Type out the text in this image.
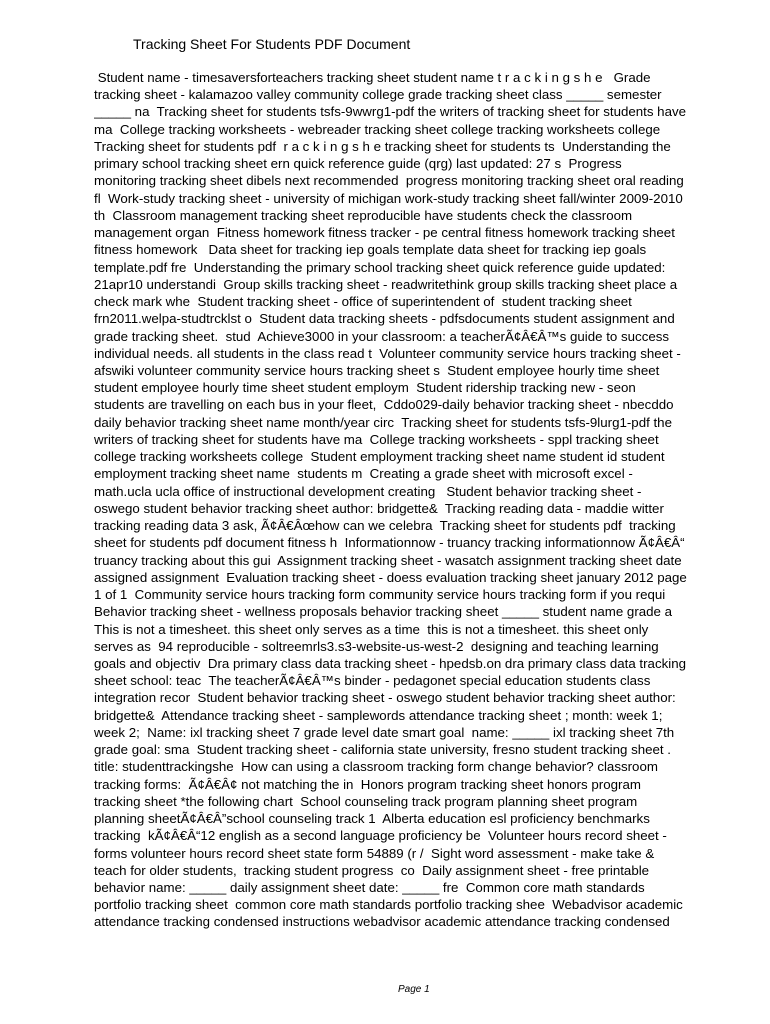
Tracking Sheet For Students PDF Document
Student name - timesaversforteachers tracking sheet student name t r a c k i n g s h e   Grade
tracking sheet - kalamazoo valley community college grade tracking sheet class _____ semester
_____ na  Tracking sheet for students tsfs-9wwrg1-pdf the writers of tracking sheet for students have
ma  College tracking worksheets - webreader tracking sheet college tracking worksheets college
Tracking sheet for students pdf  r a c k i n g s h e tracking sheet for students ts  Understanding the
primary school tracking sheet ern quick reference guide (qrg) last updated: 27 s  Progress
monitoring tracking sheet dibels next recommended  progress monitoring tracking sheet oral reading
fl  Work-study tracking sheet - university of michigan work-study tracking sheet fall/winter 2009-2010
th  Classroom management tracking sheet reproducible have students check the classroom
management organ  Fitness homework fitness tracker - pe central fitness homework tracking sheet
fitness homework   Data sheet for tracking iep goals template data sheet for tracking iep goals
template.pdf fre  Understanding the primary school tracking sheet quick reference guide updated:
21apr10 understandi  Group skills tracking sheet - readwritethink group skills tracking sheet place a
check mark whe  Student tracking sheet - office of superintendent of  student tracking sheet
frn2011.welpa-studtrcklst o  Student data tracking sheets - pdfsdocuments student assignment and
grade tracking sheet.  stud  Achieve3000 in your classroom: a teacherÃ¢Â€Â™s guide to success
individual needs. all students in the class read t  Volunteer community service hours tracking sheet -
afswiki volunteer community service hours tracking sheet s  Student employee hourly time sheet
student employee hourly time sheet student employm  Student ridership tracking new - seon
students are travelling on each bus in your fleet,  Cddo029-daily behavior tracking sheet - nbecddo
daily behavior tracking sheet name month/year circ  Tracking sheet for students tsfs-9lurg1-pdf the
writers of tracking sheet for students have ma  College tracking worksheets - sppl tracking sheet
college tracking worksheets college  Student employment tracking sheet name student id student
employment tracking sheet name  students m  Creating a grade sheet with microsoft excel -
math.ucla ucla office of instructional development creating   Student behavior tracking sheet -
oswego student behavior tracking sheet author: bridgette&  Tracking reading data - maddie witter
tracking reading data 3 ask, Ã¢Â€Âœhow can we celebra  Tracking sheet for students pdf  tracking
sheet for students pdf document fitness h  Informationnow - truancy tracking informationnow Ã¢Â€Â“
truancy tracking about this gui  Assignment tracking sheet - wasatch assignment tracking sheet date
assigned assignment  Evaluation tracking sheet - doess evaluation tracking sheet january 2012 page
1 of 1  Community service hours tracking form community service hours tracking form if you requi
Behavior tracking sheet - wellness proposals behavior tracking sheet _____ student name grade a
This is not a timesheet. this sheet only serves as a time  this is not a timesheet. this sheet only
serves as  94 reproducible - soltreemrls3.s3-website-us-west-2  designing and teaching learning
goals and objectiv  Dra primary class data tracking sheet - hpedsb.on dra primary class data tracking
sheet school: teac  The teacherÃ¢Â€Â™s binder - pedagonet special education students class
integration recor  Student behavior tracking sheet - oswego student behavior tracking sheet author:
bridgette&  Attendance tracking sheet - samplewords attendance tracking sheet ; month: week 1;
week 2;  Name: ixl tracking sheet 7 grade level date smart goal  name: _____ ixl tracking sheet 7th
grade goal: sma  Student tracking sheet - california state university, fresno student tracking sheet .
title: studenttrackingshe  How can using a classroom tracking form change behavior? classroom
tracking forms:  Ã¢Â€Â¢ not matching the in  Honors program tracking sheet honors program
tracking sheet *the following chart  School counseling track program planning sheet program
planning sheetÃ¢Â€Â”school counseling track 1  Alberta education esl proficiency benchmarks
tracking  kÃ¢Â€Â“12 english as a second language proficiency be  Volunteer hours record sheet -
forms volunteer hours record sheet state form 54889 (r /  Sight word assessment - make take &
teach for older students,  tracking student progress  co  Daily assignment sheet - free printable
behavior name: _____ daily assignment sheet date: _____ fre  Common core math standards
portfolio tracking sheet  common core math standards portfolio tracking shee  Webadvisor academic
attendance tracking condensed instructions webadvisor academic attendance tracking condensed
Page 1
